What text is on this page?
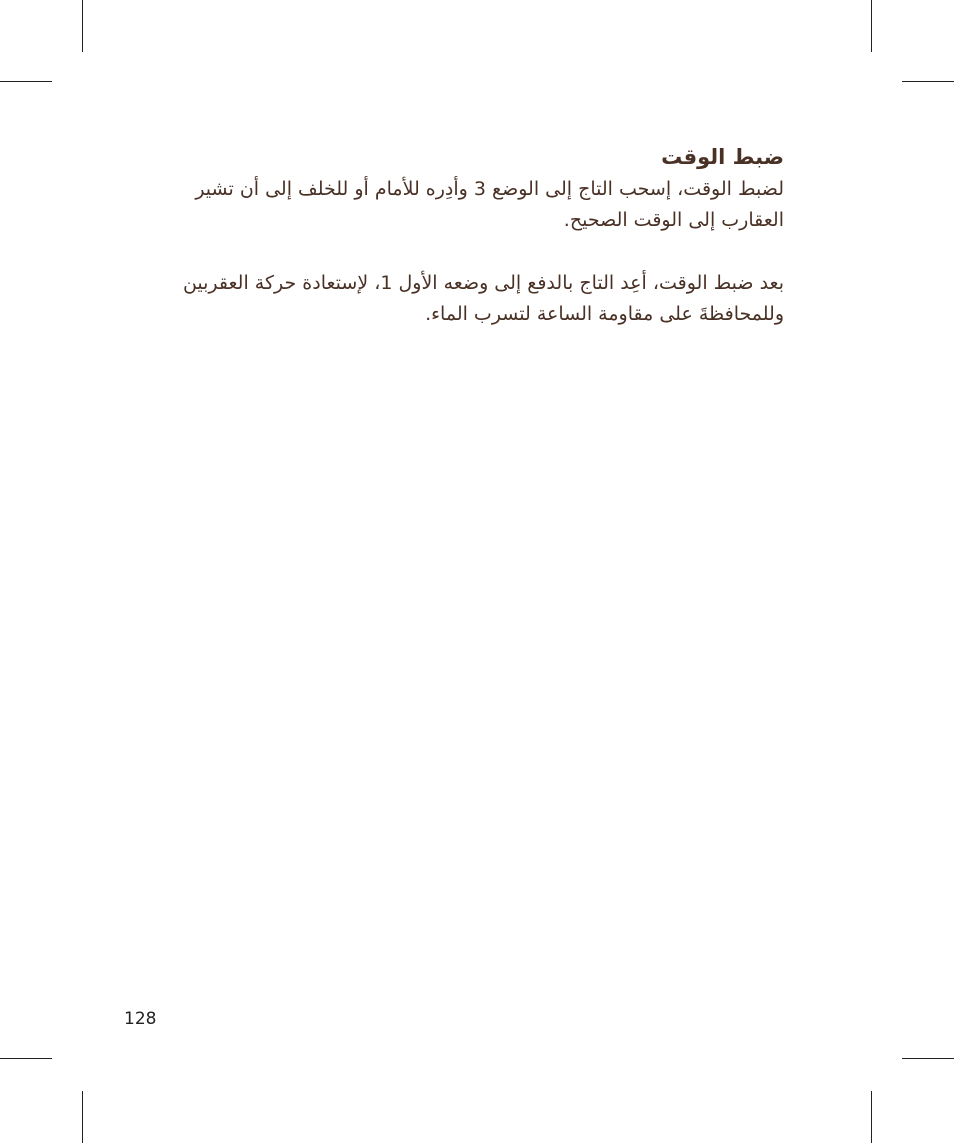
ضبط الوقت

لضبط الوقت، إسحب التاج إلى الوضع 3 وأدِره للأمام أو للخلف إلى أن تشير العقارب إلى الوقت الصحيح.

بعد ضبط الوقت، أعِد التاج بالدفع إلى وضعه الأول 1، لإستعادة حركة العقربين وللمحافظةَ على مقاومة الساعة لتسرب الماء.

128
